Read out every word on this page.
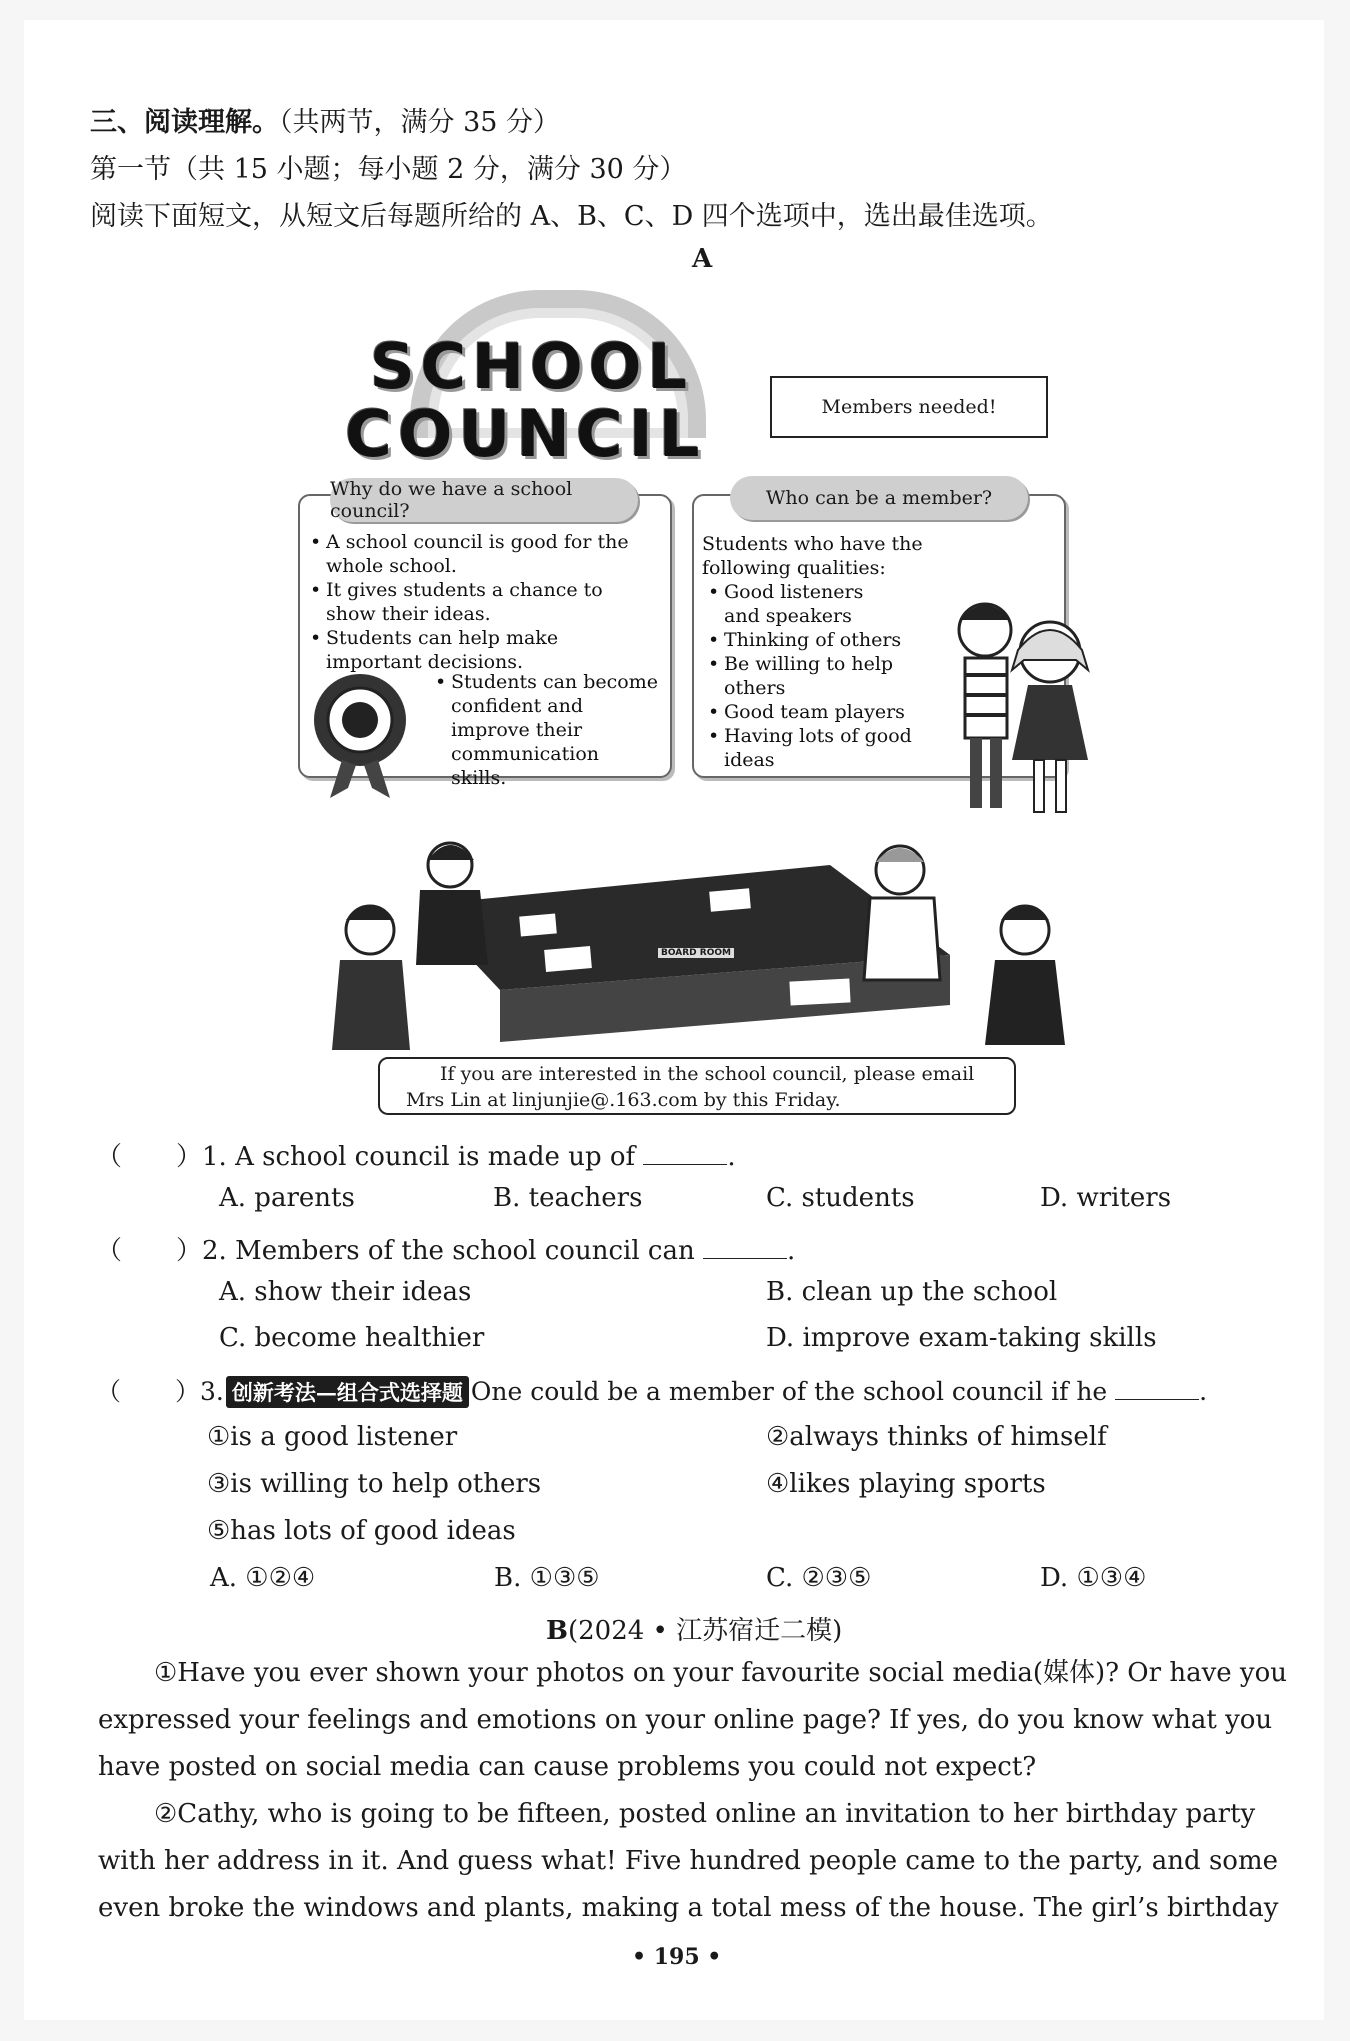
三、阅读理解。（共两节，满分 35 分）
第一节（共 15 小题；每小题 2 分，满分 30 分）
阅读下面短文，从短文后每题所给的 A、B、C、D 四个选项中，选出最佳选项。
A
SCHOOL
COUNCIL	Members needed!
Why do we have a school council?
• A school council is good for the whole school.
• It gives students a chance to show their ideas.
• Students can help make important decisions.
• Students can become confident and improve their communication skills.
Who can be a member?
Students who have the following qualities:
• Good listeners and speakers
• Thinking of others
• Be willing to help others
• Good team players
• Having lots of good ideas
BOARD ROOM
If you are interested in the school council, please email
Mrs Lin at linjunjie@.163.com by this Friday.
（ ）1. A school council is made up of	.
A. parents	B. teachers	C. students	D. writers
（ ）2. Members of the school council can	.
A. show their ideas	B. clean up the school
C. become healthier	D. improve exam-taking skills
（ ）3. 创新考法—组合式选择题 One could be a member of the school council if he	.
①is a good listener	②always thinks of himself
③is willing to help others	④likes playing sports
⑤has lots of good ideas
A. ①②④	B. ①③⑤	C. ②③⑤	D. ①③④
B(2024 • 江苏宿迁二模)
①Have you ever shown your photos on your favourite social media(媒体)? Or have you
expressed your feelings and emotions on your online page? If yes, do you know what you
have posted on social media can cause problems you could not expect?
②Cathy, who is going to be fifteen, posted online an invitation to her birthday party
with her address in it. And guess what! Five hundred people came to the party, and some
even broke the windows and plants, making a total mess of the house. The girl’s birthday
• 195 •
